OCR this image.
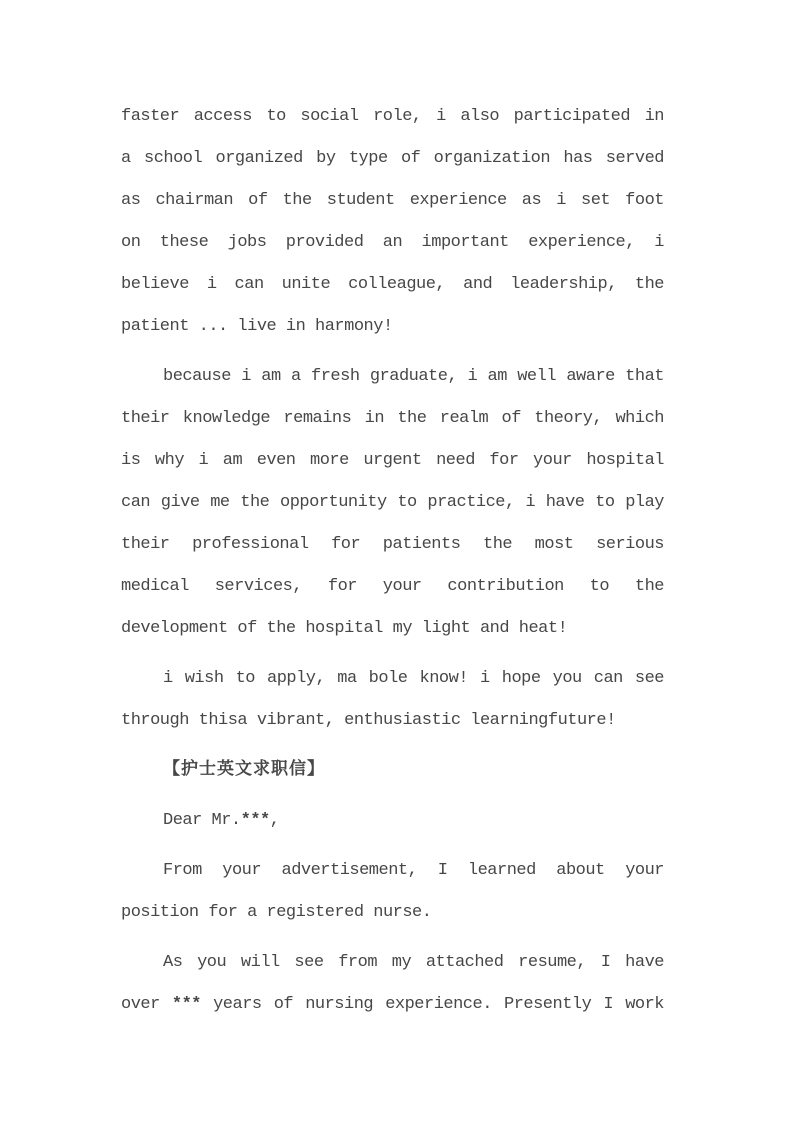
faster access to social role, i also participated in
a school organized by type of organization has served
as chairman of the student experience as i set foot
on these jobs provided an important experience, i
believe i can unite colleague, and leadership, the
patient ... live in harmony!
because i am a fresh graduate, i am well aware that
their knowledge remains in the realm of theory, which
is why i am even more urgent need for your hospital
can give me the opportunity to practice, i have to play
their professional for patients the most serious
medical services, for your contribution to the
development of the hospital my light and heat!
i wish to apply, ma bole know! i hope you can see
through thisa vibrant, enthusiastic learningfuture!
【护士英文求职信】
Dear Mr.***,
From your advertisement, I learned about your
position for a registered nurse.
As you will see from my attached resume, I have
over *** years of nursing experience. Presently I work
